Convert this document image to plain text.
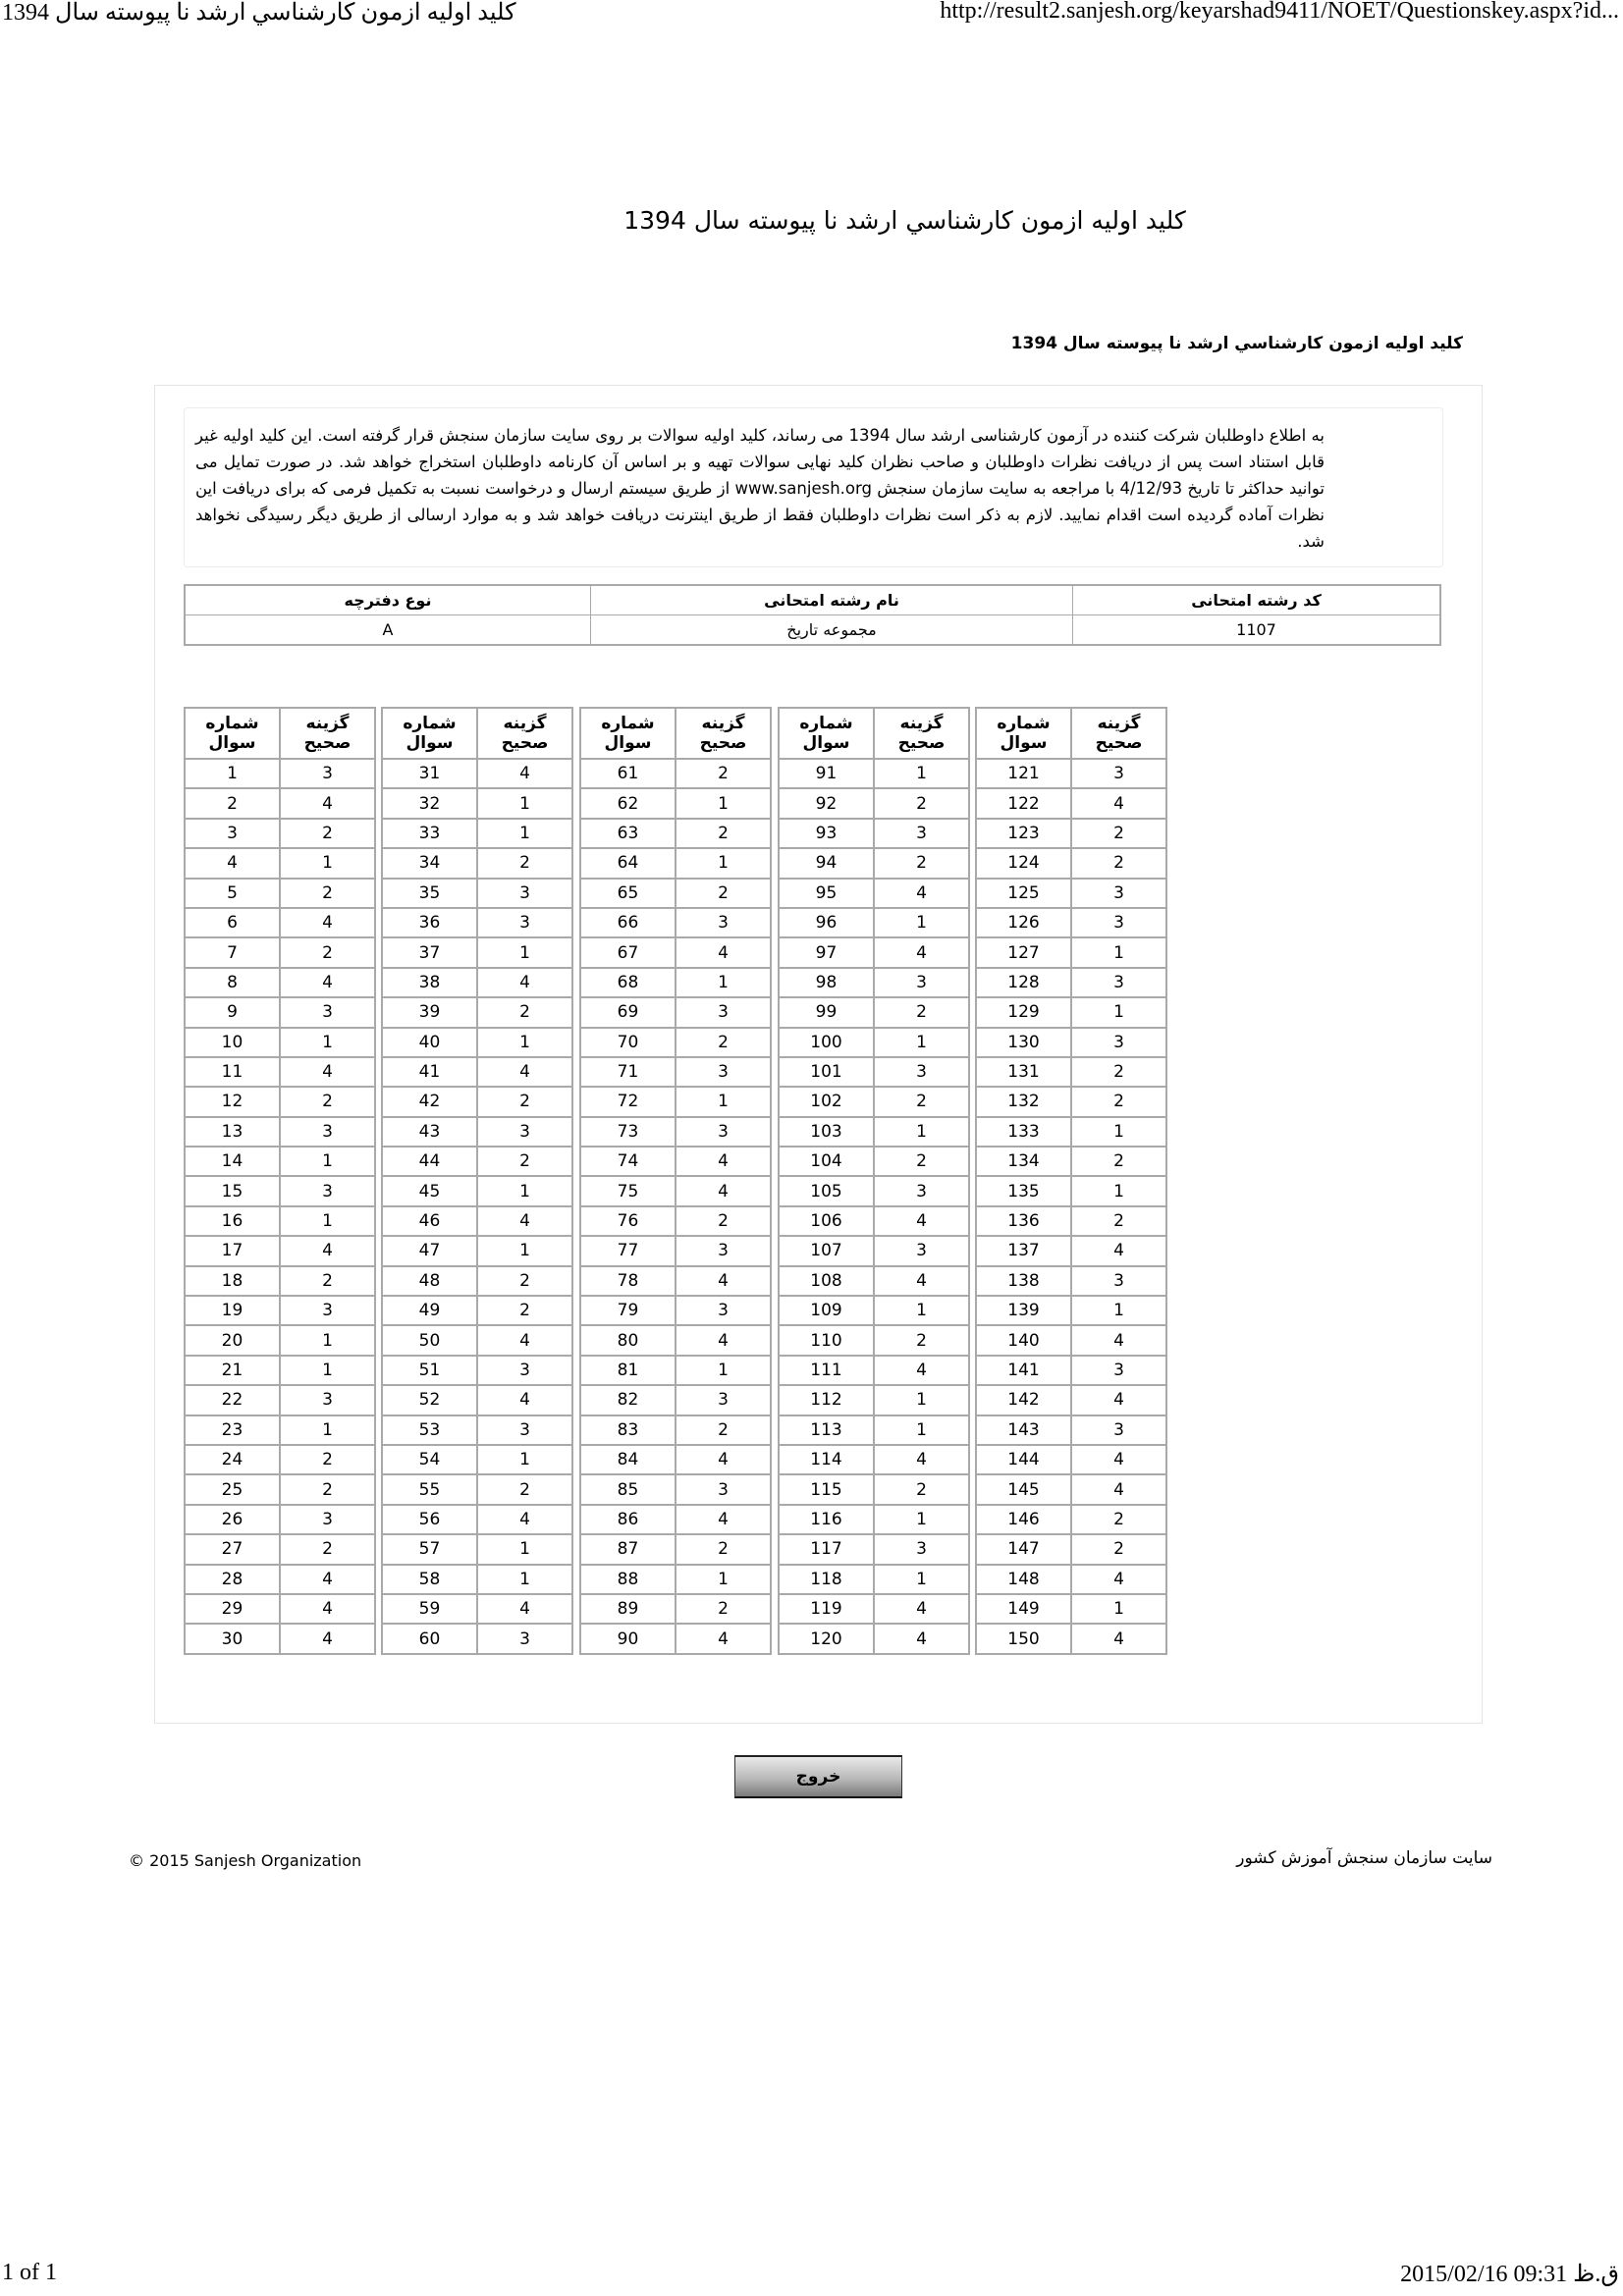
كليد اوليه ازمون كارشناسي ارشد نا پيوسته سال 1394	http://result2.sanjesh.org/keyarshad9411/NOET/Questionskey.aspx?id...
كليد اوليه ازمون كارشناسي ارشد نا پيوسته سال 1394
كليد اوليه ازمون كارشناسي ارشد نا پيوسته سال 1394

به اطلاع داوطلبان شرکت کننده در آزمون کارشناسی ارشد سال 1394 می رساند، کلید اولیه سوالات بر روی سایت سازمان سنجش قرار گرفته است. این کلید اولیه غیر قابل استناد است پس از دریافت نظرات داوطلبان و صاحب نظران کلید نهایی سوالات تهیه و بر اساس آن کارنامه داوطلبان استخراج خواهد شد. در صورت تمایل می توانید حداکثر تا تاریخ 4/12/93 با مراجعه به سایت سازمان سنجش www.sanjesh.org از طریق سیستم ارسال و درخواست نسبت به تکمیل فرمی که برای دریافت این نظرات آماده گردیده است اقدام نمایید. لازم به ذکر است نظرات داوطلبان فقط از طریق اینترنت دریافت خواهد شد و به موارد ارسالی از طریق دیگر رسیدگی نخواهد شد.

کد رشته امتحانی	نام رشته امتحانی	نوع دفترچه
1107	مجموعه تاریخ	A
گزینه صحیح	شماره سوال
3	1
4	2
2	3
1	4
2	5
4	6
2	7
4	8
3	9
1	10
4	11
2	12
3	13
1	14
3	15
1	16
4	17
2	18
3	19
1	20
1	21
3	22
1	23
2	24
2	25
3	26
2	27
4	28
4	29
4	30
گزینه صحیح	شماره سوال
4	31
1	32
1	33
2	34
3	35
3	36
1	37
4	38
2	39
1	40
4	41
2	42
3	43
2	44
1	45
4	46
1	47
2	48
2	49
4	50
3	51
4	52
3	53
1	54
2	55
4	56
1	57
1	58
4	59
3	60
گزینه صحیح	شماره سوال
2	61
1	62
2	63
1	64
2	65
3	66
4	67
1	68
3	69
2	70
3	71
1	72
3	73
4	74
4	75
2	76
3	77
4	78
3	79
4	80
1	81
3	82
2	83
4	84
3	85
4	86
2	87
1	88
2	89
4	90
گزینه صحیح	شماره سوال
1	91
2	92
3	93
2	94
4	95
1	96
4	97
3	98
2	99
1	100
3	101
2	102
1	103
2	104
3	105
4	106
3	107
4	108
1	109
2	110
4	111
1	112
1	113
4	114
2	115
1	116
3	117
1	118
4	119
4	120
گزینه صحیح	شماره سوال
3	121
4	122
2	123
2	124
3	125
3	126
1	127
3	128
1	129
3	130
2	131
2	132
1	133
2	134
1	135
2	136
4	137
3	138
1	139
4	140
3	141
4	142
3	143
4	144
4	145
2	146
2	147
4	148
1	149
4	150
خروج
© 2015 Sanjesh Organization	سایت سازمان سنجش آموزش کشور
1 of 1	2015/02/16 09:31 ق.ظ
